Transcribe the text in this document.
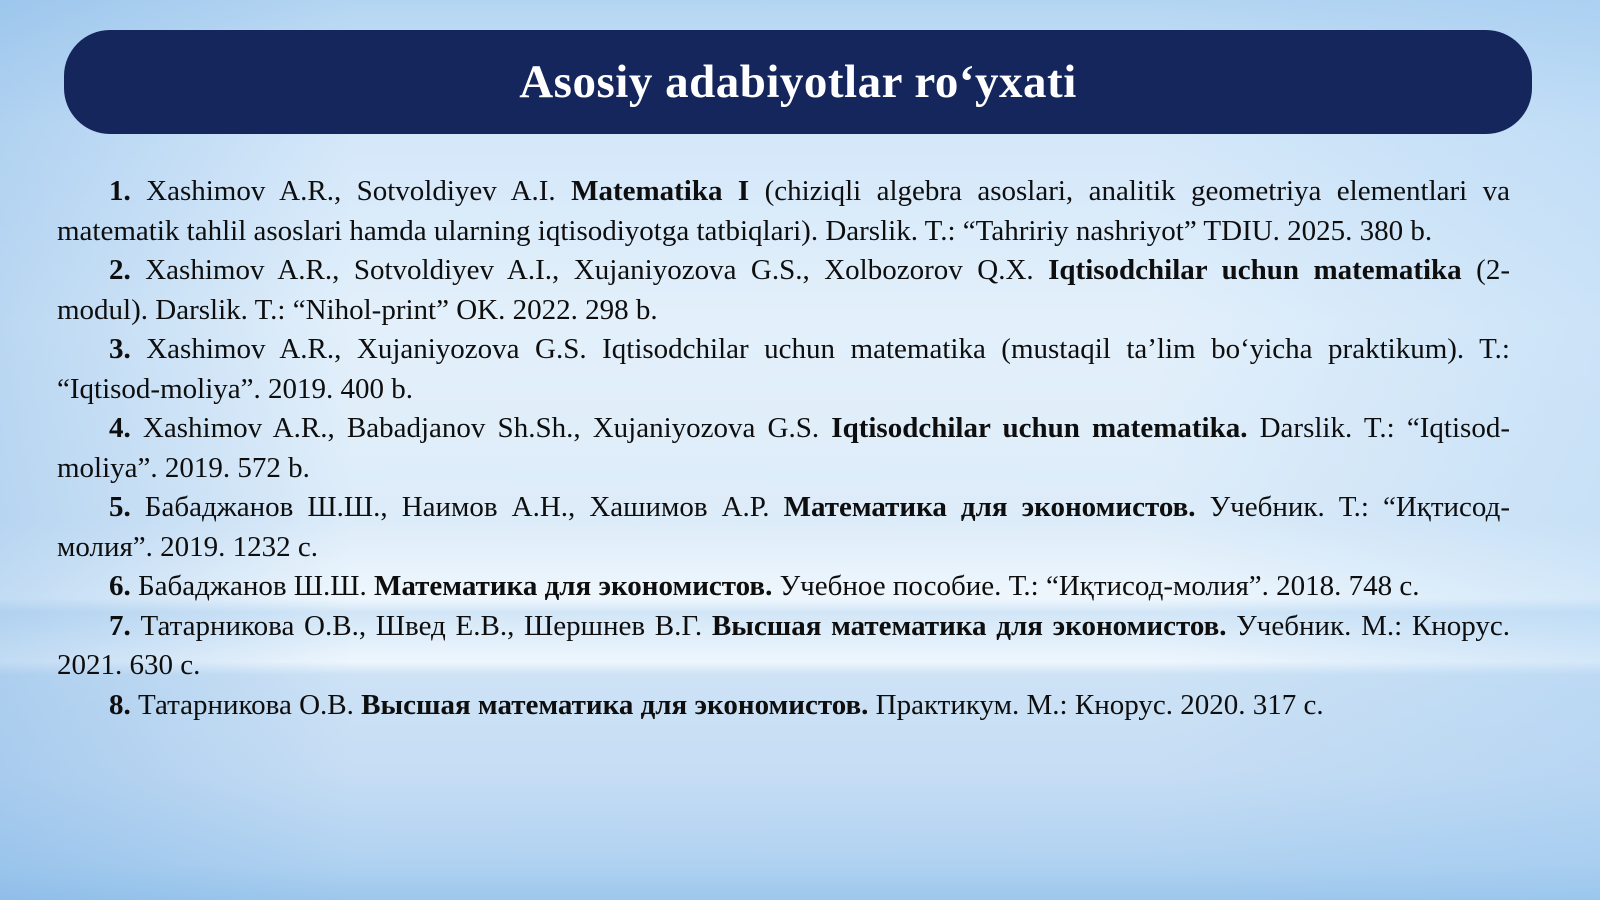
Asosiy adabiyotlar ro‘yxati

1. Xashimov A.R., Sotvoldiyev A.I. Matematika I (chiziqli algebra asoslari, analitik geometriya elementlari va matematik tahlil asoslari hamda ularning iqtisodiyotga tatbiqlari). Darslik. T.: “Tahririy nashriyot” TDIU. 2025. 380 b.

2. Xashimov A.R., Sotvoldiyev A.I., Xujaniyozova G.S., Xolbozorov Q.X. Iqtisodchilar uchun matematika (2-modul). Darslik. T.: “Nihol-print” OK. 2022. 298 b.

3. Xashimov A.R., Xujaniyozova G.S. Iqtisodchilar uchun matematika (mustaqil ta’lim bo‘yicha praktikum). T.: “Iqtisod-moliya”. 2019. 400 b.

4. Xashimov A.R., Babadjanov Sh.Sh., Xujaniyozova G.S. Iqtisodchilar uchun matematika. Darslik. T.: “Iqtisod-moliya”. 2019. 572 b.

5. Бабаджанов Ш.Ш., Наимов А.Н., Хашимов А.Р. Математика для экономистов. Учебник. Т.: “Иқтисод-молия”. 2019. 1232 с.

6. Бабаджанов Ш.Ш. Математика для экономистов. Учебное пособие. Т.: “Иқтисод-молия”. 2018. 748 с.

7. Татарникова О.В., Швед Е.В., Шершнев В.Г. Высшая математика для экономистов. Учебник. М.: Кнорус. 2021. 630 с.

8. Татарникова О.В. Высшая математика для экономистов. Практикум. М.: Кнорус. 2020. 317 с.
